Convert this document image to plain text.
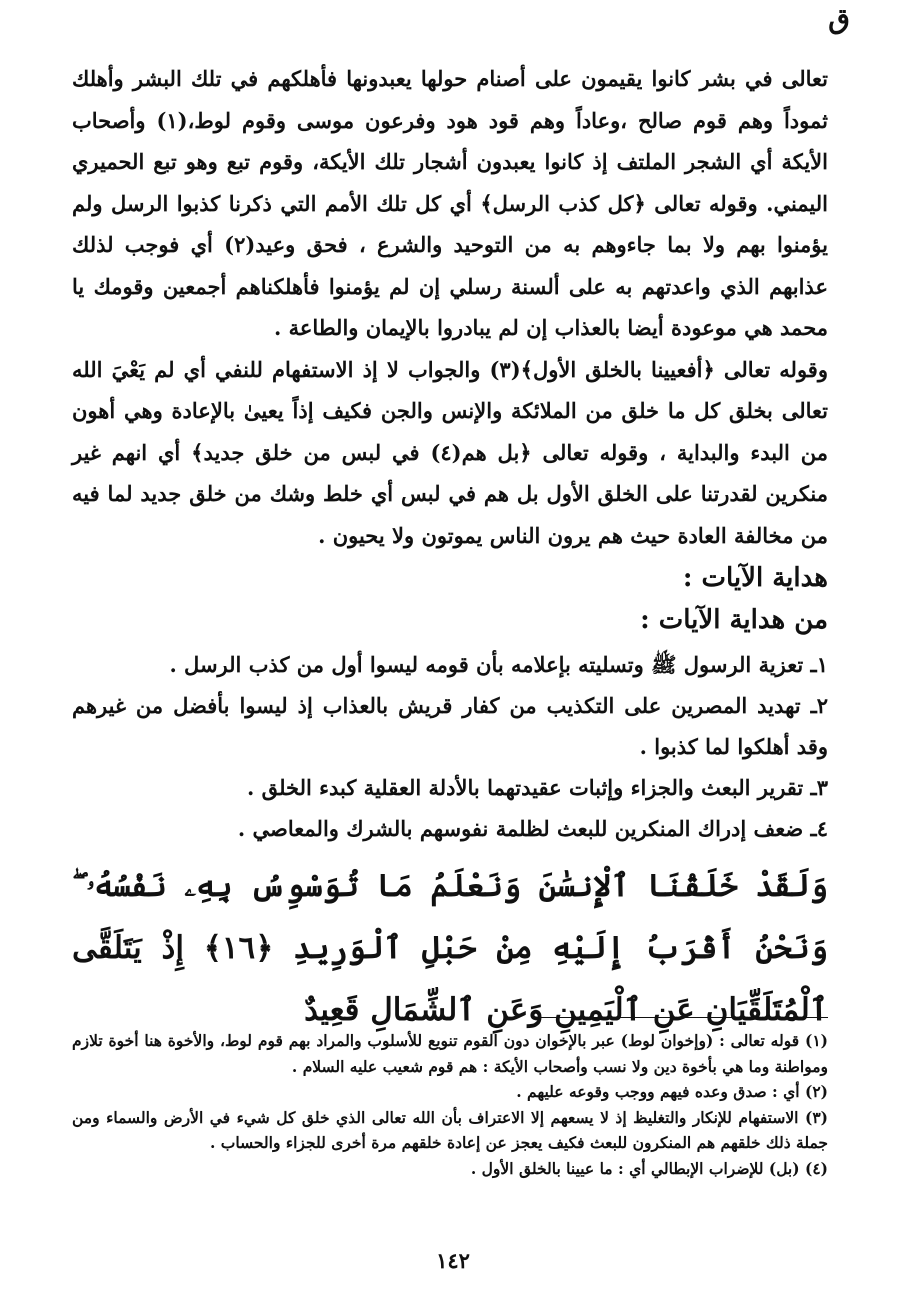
ق

تعالى في بشر كانوا يقيمون على أصنام حولها يعبدونها فأهلكهم في تلك البشر وأهلك ثموداً وهم قوم صالح ،وعاداً وهم قود هود وفرعون موسى وقوم لوط،(١) وأصحاب الأيكة أي الشجر الملتف إذ كانوا يعبدون أشجار تلك الأيكة، وقوم تبع وهو تبع الحميري اليمني. وقوله تعالى ﴿كل كذب الرسل﴾ أي كل تلك الأمم التي ذكرنا كذبوا الرسل ولم يؤمنوا بهم ولا بما جاءوهم به من التوحيد والشرع ، فحق وعيد(٢) أي فوجب لذلك عذابهم الذي واعدتهم به على ألسنة رسلي إن لم يؤمنوا فأهلكناهم أجمعين وقومك يا محمد هي موعودة أيضا بالعذاب إن لم يبادروا بالإيمان والطاعة .

وقوله تعالى ﴿أفعيينا بالخلق الأول﴾(٣) والجواب لا إذ الاستفهام للنفي أي لم يَعْيَ الله تعالى بخلق كل ما خلق من الملائكة والإنس والجن فكيف إذاً يعيىٰ بالإعادة وهي أهون من البدء والبداية ، وقوله تعالى ﴿بل هم(٤) في لبس من خلق جديد﴾ أي انهم غير منكرين لقدرتنا على الخلق الأول بل هم في لبس أي خلط وشك من خلق جديد لما فيه من مخالفة العادة حيث هم يرون الناس يموتون ولا يحيون .

هداية الآيات :
من هداية الآيات :

١ـ تعزية الرسول ﷺ وتسليته بإعلامه بأن قومه ليسوا أول من كذب الرسل .

٢ـ تهديد المصرين على التكذيب من كفار قريش بالعذاب إذ ليسوا بأفضل من غيرهم وقد أهلكوا لما كذبوا .

٣ـ تقرير البعث والجزاء وإثبات عقيدتهما بالأدلة العقلية كبدء الخلق .

٤ـ ضعف إدراك المنكرين للبعث لظلمة نفوسهم بالشرك والمعاصي .

وَلَقَدْ خَلَقْنَا ٱلْإِنسَٰنَ وَنَعْلَمُ مَا تُوَسْوِسُ بِهِۦ نَفْسُهُۥ ۖ وَنَحْنُ أَقْرَبُ إِلَيْهِ مِنْ حَبْلِ ٱلْوَرِيدِ ﴿١٦﴾ إِذْ يَتَلَقَّى ٱلْمُتَلَقِّيَانِ عَنِ ٱلْيَمِينِ وَعَنِ ٱلشِّمَالِ قَعِيدٌ

(١) قوله تعالى : (وإخوان لوط) عبر بالإخوان دون القوم تنويع للأسلوب والمراد بهم قوم لوط، والأخوة هنا أخوة تلازم ومواطنة وما هي بأخوة دين ولا نسب وأصحاب الأيكة : هم قوم شعيب عليه السلام .

(٢) أي : صدق وعده فيهم ووجب وقوعه عليهم .

(٣) الاستفهام للإنكار والتغليظ إذ لا يسعهم إلا الاعتراف بأن الله تعالى الذي خلق كل شيء في الأرض والسماء ومن جملة ذلك خلقهم هم المنكرون للبعث فكيف يعجز عن إعادة خلقهم مرة أخرى للجزاء والحساب .

(٤) (بل) للإضراب الإبطالي أي : ما عيينا بالخلق الأول .

١٤٢
